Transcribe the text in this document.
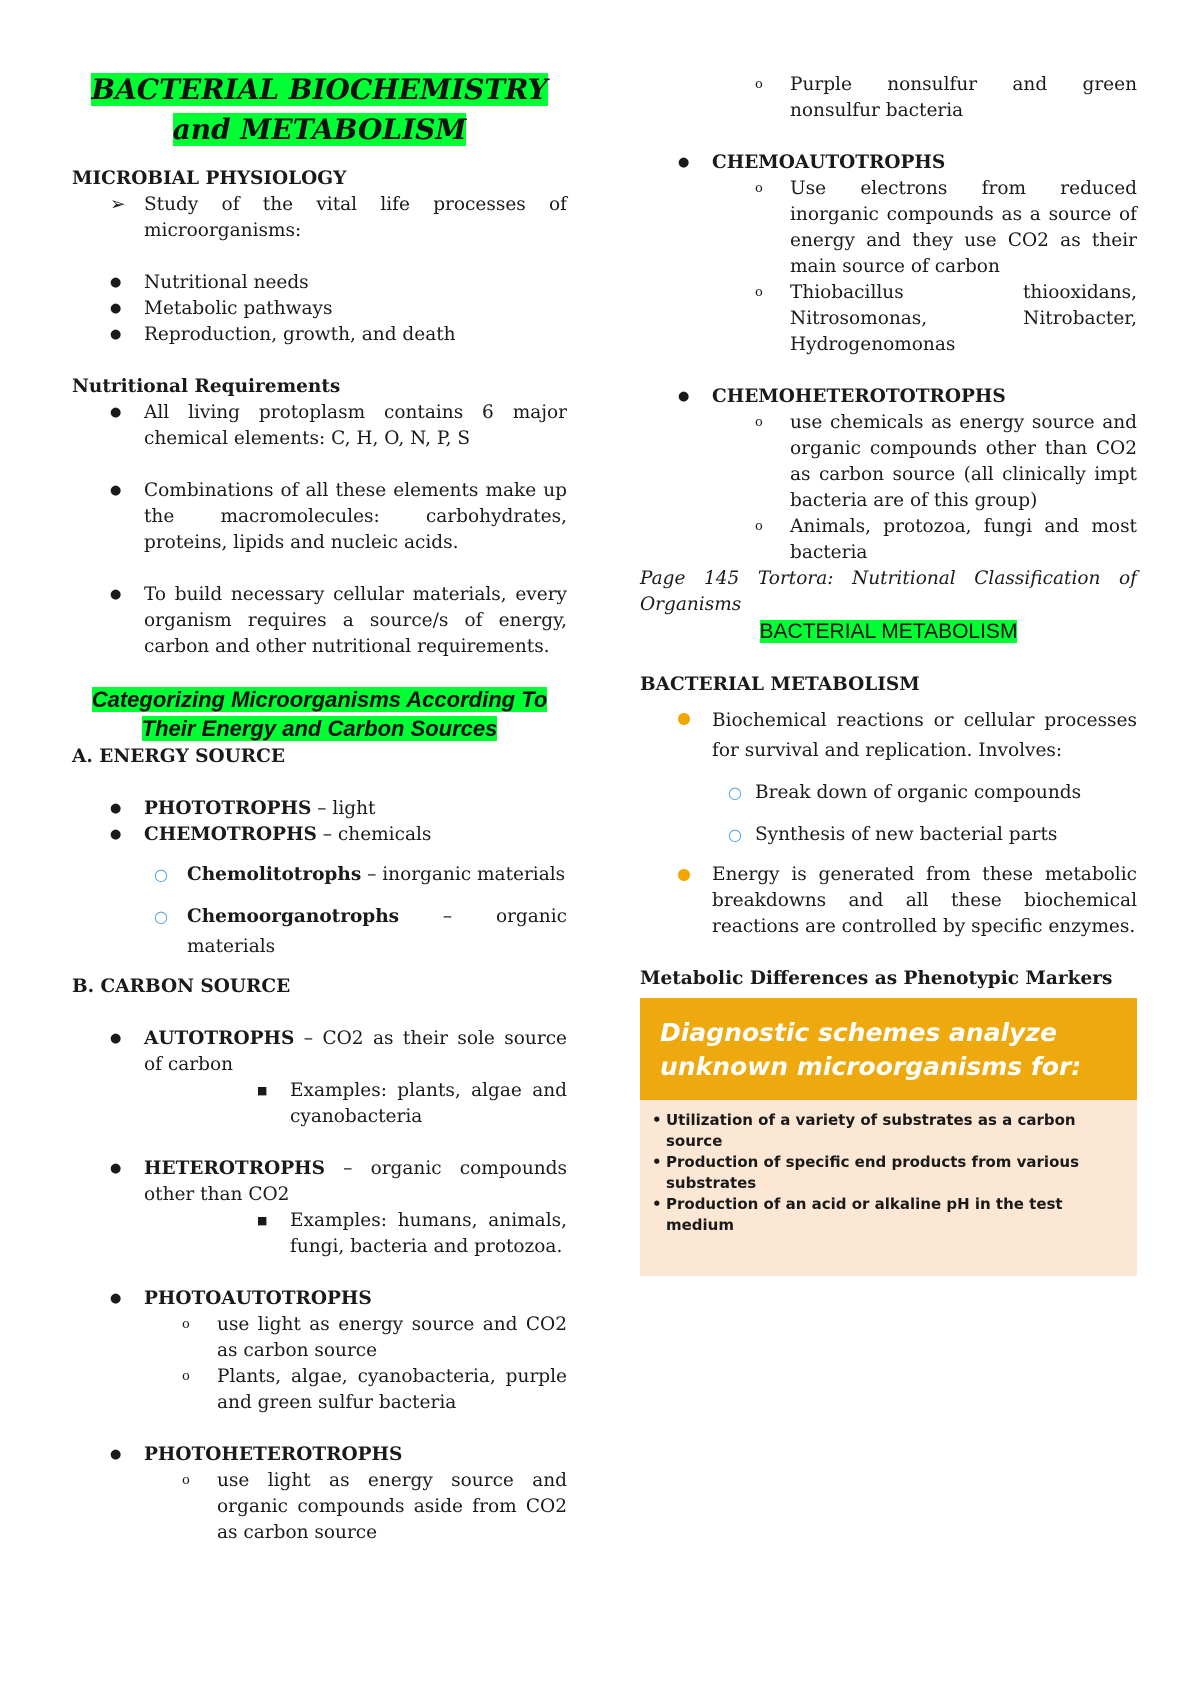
BACTERIAL BIOCHEMISTRY and METABOLISM
MICROBIAL PHYSIOLOGY
➢ Study of the vital life processes of microorganisms:
● Nutritional needs
● Metabolic pathways
● Reproduction, growth, and death
Nutritional Requirements
● All living protoplasm contains 6 major chemical elements: C, H, O, N, P, S
● Combinations of all these elements make up the macromolecules: carbohydrates, proteins, lipids and nucleic acids.
● To build necessary cellular materials, every organism requires a source/s of energy, carbon and other nutritional requirements.
Categorizing Microorganisms According To Their Energy and Carbon Sources
A. ENERGY SOURCE
● PHOTOTROPHS – light
● CHEMOTROPHS – chemicals
○ Chemolitotrophs – inorganic materials
○ Chemoorganotrophs – organic materials
B. CARBON SOURCE
● AUTOTROPHS – CO2 as their sole source of carbon
■ Examples: plants, algae and cyanobacteria
● HETEROTROPHS – organic compounds other than CO2
■ Examples: humans, animals, fungi, bacteria and protozoa.
● PHOTOAUTOTROPHS
o use light as energy source and CO2 as carbon source
o Plants, algae, cyanobacteria, purple and green sulfur bacteria
● PHOTOHETEROTROPHS
o use light as energy source and organic compounds aside from CO2 as carbon source
o Purple nonsulfur and green nonsulfur bacteria
● CHEMOAUTOTROPHS
o Use electrons from reduced inorganic compounds as a source of energy and they use CO2 as their main source of carbon
o Thiobacillus thiooxidans, Nitrosomonas, Nitrobacter, Hydrogenomonas
● CHEMOHETEROTOTROPHS
o use chemicals as energy source and organic compounds other than CO2 as carbon source (all clinically impt bacteria are of this group)
o Animals, protozoa, fungi and most bacteria
Page 145 Tortora: Nutritional Classification of Organisms
BACTERIAL METABOLISM
BACTERIAL METABOLISM
Biochemical reactions or cellular processes for survival and replication. Involves:
○ Break down of organic compounds
○ Synthesis of new bacterial parts
Energy is generated from these metabolic breakdowns and all these biochemical reactions are controlled by specific enzymes.
Metabolic Differences as Phenotypic Markers
Diagnostic schemes analyze unknown microorganisms for:
• Utilization of a variety of substrates as a carbon source
• Production of specific end products from various substrates
• Production of an acid or alkaline pH in the test medium
